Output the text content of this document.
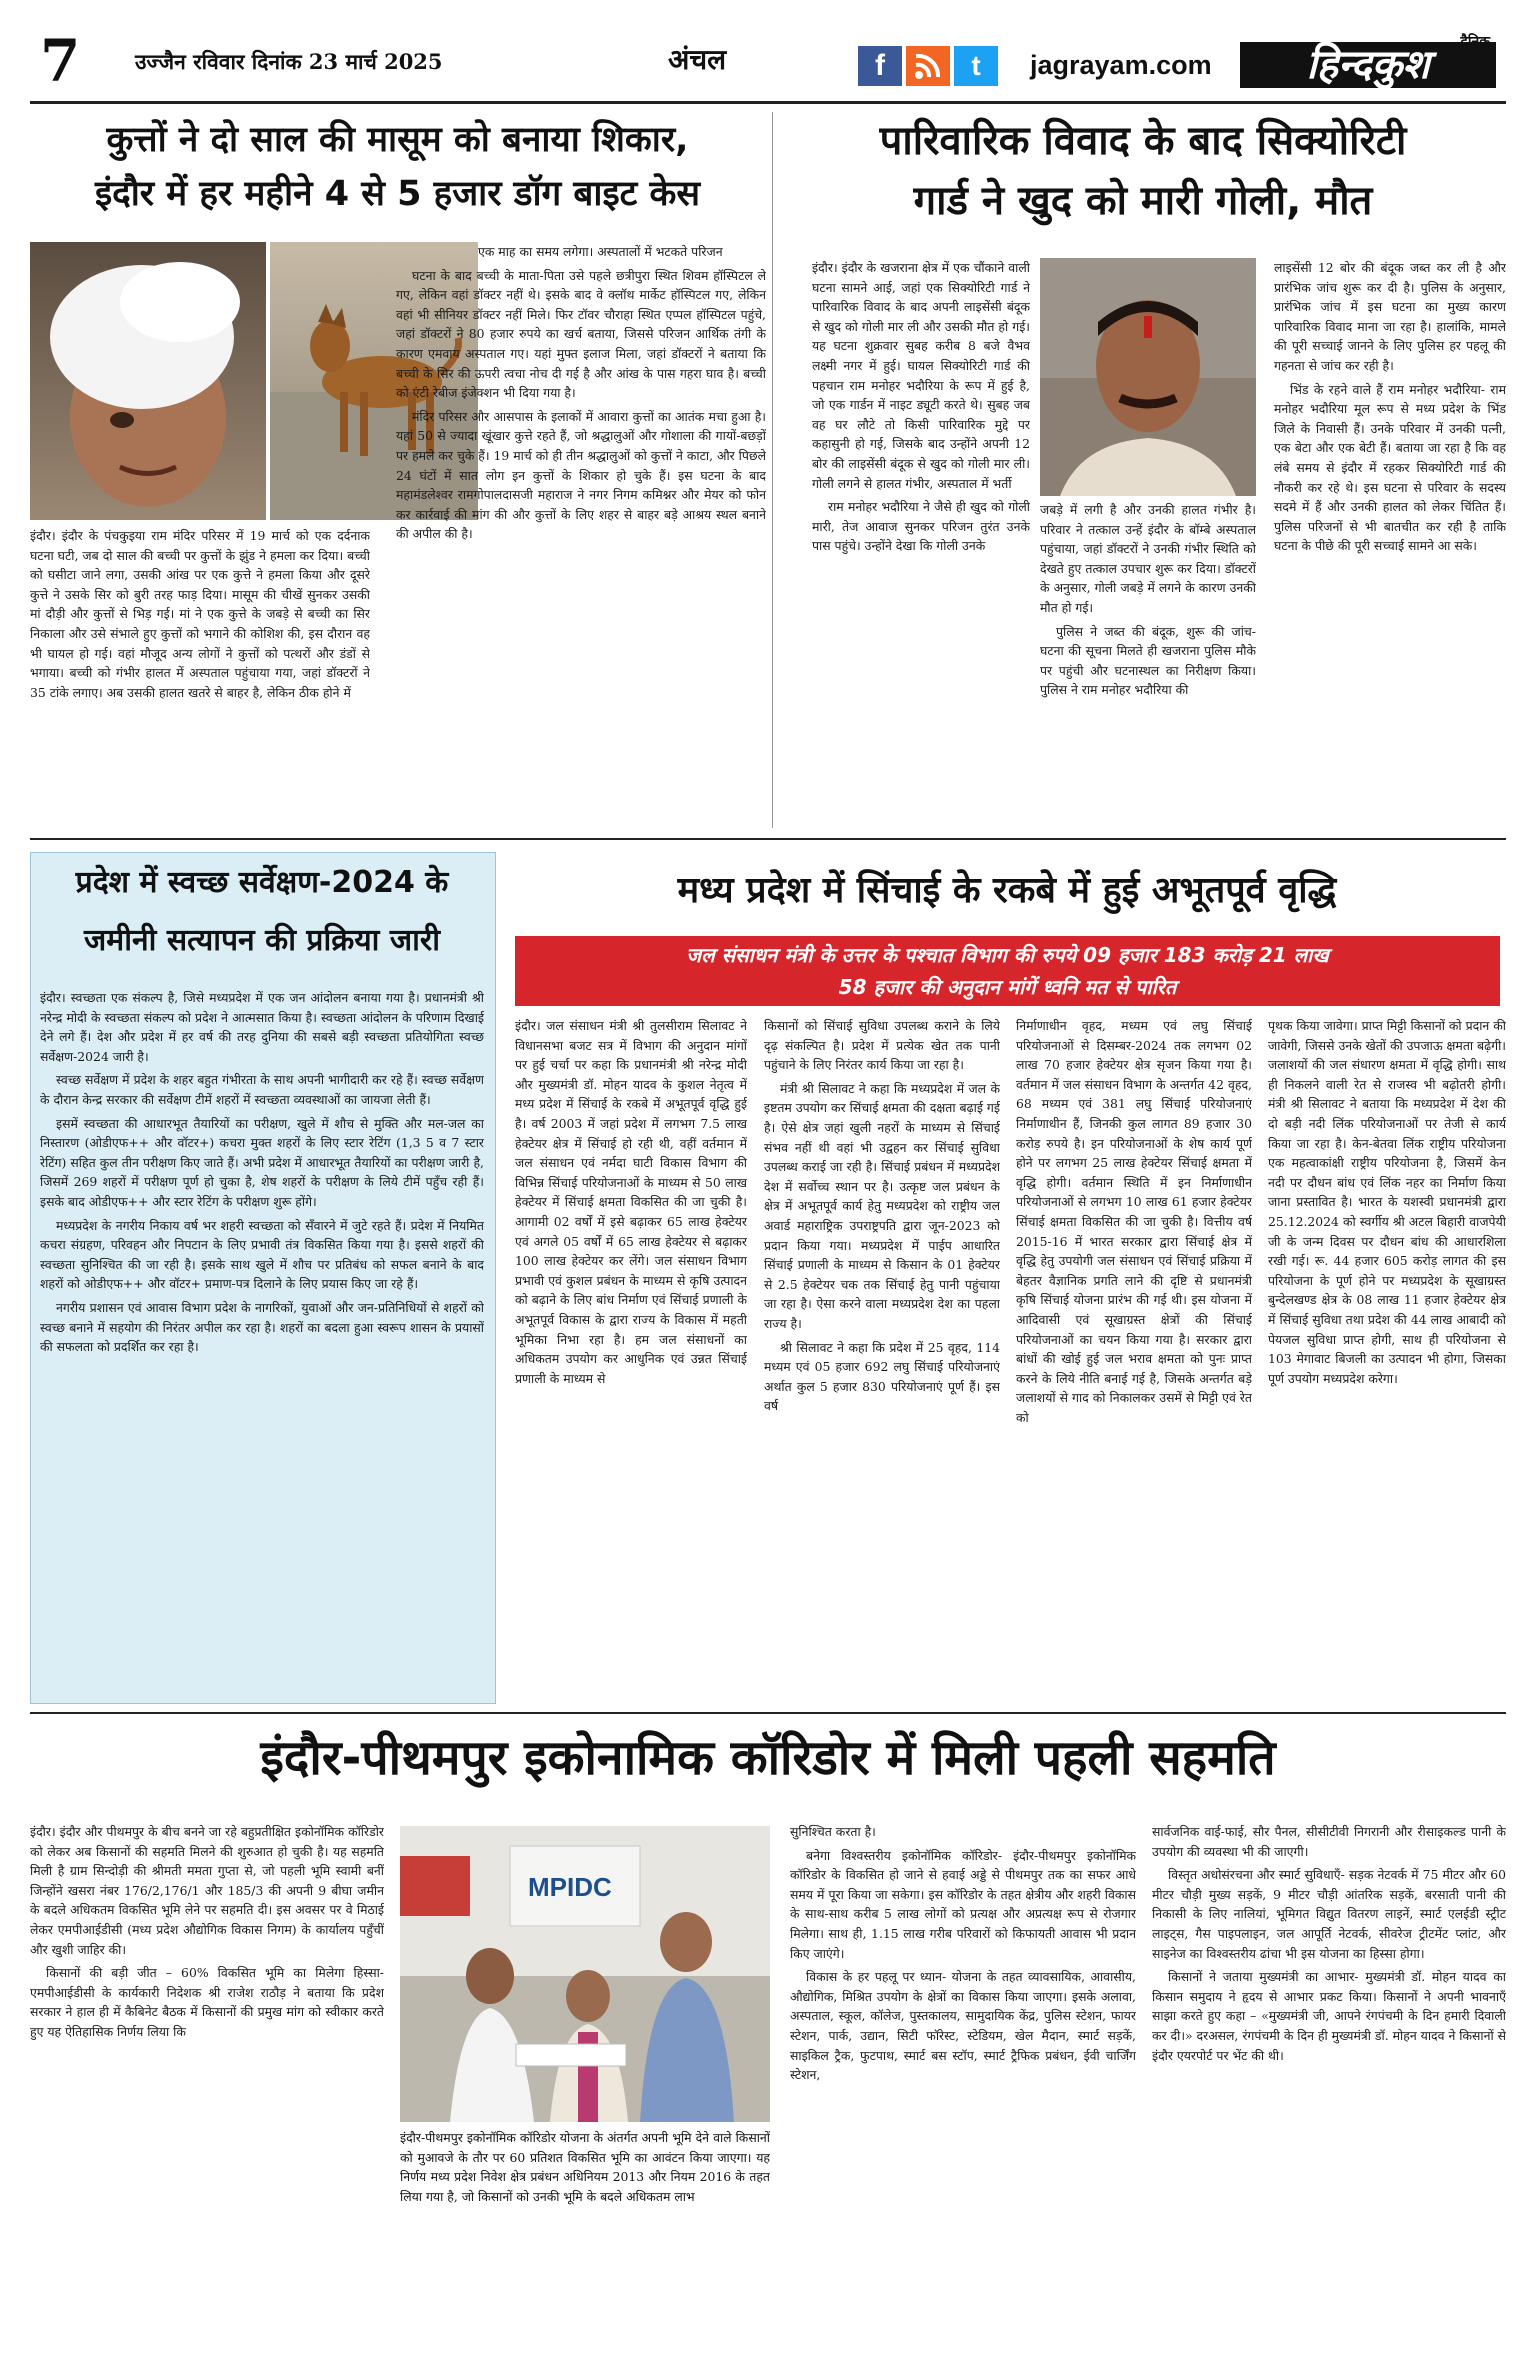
7	उज्जैन रविवार दिनांक 23 मार्च 2025	अंचल	f	t	jagrayam.com	हिन्दकुश
कुत्तों ने दो साल की मासूम को बनाया शिकार,
इंदौर में हर महीने 4 से 5 हजार डॉग बाइट केस

इंदौर। इंदौर के पंचकुइया राम मंदिर परिसर में 19 मार्च को एक दर्दनाक घटना घटी, जब दो साल की बच्ची पर कुत्तों के झुंड ने हमला कर दिया। बच्ची को घसीटा जाने लगा, उसकी आंख पर एक कुत्ते ने हमला किया और दूसरे कुत्ते ने उसके सिर को बुरी तरह फाड़ दिया। मासूम की चीखें सुनकर उसकी मां दौड़ी और कुत्तों से भिड़ गई। मां ने एक कुत्ते के जबड़े से बच्ची का सिर निकाला और उसे संभाले हुए कुत्तों को भगाने की कोशिश की, इस दौरान वह भी घायल हो गई। वहां मौजूद अन्य लोगों ने कुत्तों को पत्थरों और डंडों से भगाया। बच्ची को गंभीर हालत में अस्पताल पहुंचाया गया, जहां डॉक्टरों ने 35 टांके लगाए। अब उसकी हालत खतरे से बाहर है, लेकिन ठीक होने में

एक माह का समय लगेगा। अस्पतालों में भटकते परिजन

घटना के बाद बच्ची के माता-पिता उसे पहले छत्रीपुरा स्थित शिवम हॉस्पिटल ले गए, लेकिन वहां डॉक्टर नहीं थे। इसके बाद वे क्लॉथ मार्केट हॉस्पिटल गए, लेकिन वहां भी सीनियर डॉक्टर नहीं मिले। फिर टॉवर चौराहा स्थित एप्पल हॉस्पिटल पहुंचे, जहां डॉक्टरों ने 80 हजार रुपये का खर्च बताया, जिससे परिजन आर्थिक तंगी के कारण एमवाय अस्पताल गए। यहां मुफ्त इलाज मिला, जहां डॉक्टरों ने बताया कि बच्ची के सिर की ऊपरी त्वचा नोच दी गई है और आंख के पास गहरा घाव है। बच्ची को एंटी रेबीज इंजेक्शन भी दिया गया है।

मंदिर परिसर और आसपास के इलाकों में आवारा कुत्तों का आतंक मचा हुआ है। यहां 50 से ज्यादा खूंखार कुत्ते रहते हैं, जो श्रद्धालुओं और गोशाला की गायों-बछड़ों पर हमले कर चुके हैं। 19 मार्च को ही तीन श्रद्धालुओं को कुत्तों ने काटा, और पिछले 24 घंटों में सात लोग इन कुत्तों के शिकार हो चुके हैं। इस घटना के बाद महामंडलेश्वर रामगोपालदासजी महाराज ने नगर निगम कमिश्नर और मेयर को फोन कर कार्रवाई की मांग की और कुत्तों के लिए शहर से बाहर बड़े आश्रय स्थल बनाने की अपील की है।

पारिवारिक विवाद के बाद सिक्योरिटी
गार्ड ने खुद को मारी गोली, मौत

इंदौर। इंदौर के खजराना क्षेत्र में एक चौंकाने वाली घटना सामने आई, जहां एक सिक्योरिटी गार्ड ने पारिवारिक विवाद के बाद अपनी लाइसेंसी बंदूक से खुद को गोली मार ली और उसकी मौत हो गई। यह घटना शुक्रवार सुबह करीब 8 बजे वैभव लक्ष्मी नगर में हुई। घायल सिक्योरिटी गार्ड की पहचान राम मनोहर भदौरिया के रूप में हुई है, जो एक गार्डन में नाइट ड्यूटी करते थे। सुबह जब वह घर लौटे तो किसी पारिवारिक मुद्दे पर कहासुनी हो गई, जिसके बाद उन्होंने अपनी 12 बोर की लाइसेंसी बंदूक से खुद को गोली मार ली। गोली लगने से हालत गंभीर, अस्पताल में भर्ती

राम मनोहर भदौरिया ने जैसे ही खुद को गोली मारी, तेज आवाज सुनकर परिजन तुरंत उनके पास पहुंचे। उन्होंने देखा कि गोली उनके

जबड़े में लगी है और उनकी हालत गंभीर है। परिवार ने तत्काल उन्हें इंदौर के बॉम्बे अस्पताल पहुंचाया, जहां डॉक्टरों ने उनकी गंभीर स्थिति को देखते हुए तत्काल उपचार शुरू कर दिया। डॉक्टरों के अनुसार, गोली जबड़े में लगने के कारण उनकी मौत हो गई।

पुलिस ने जब्त की बंदूक, शुरू की जांच- घटना की सूचना मिलते ही खजराना पुलिस मौके पर पहुंची और घटनास्थल का निरीक्षण किया। पुलिस ने राम मनोहर भदौरिया की

लाइसेंसी 12 बोर की बंदूक जब्त कर ली है और प्रारंभिक जांच शुरू कर दी है। पुलिस के अनुसार, प्रारंभिक जांच में इस घटना का मुख्य कारण पारिवारिक विवाद माना जा रहा है। हालांकि, मामले की पूरी सच्चाई जानने के लिए पुलिस हर पहलू की गहनता से जांच कर रही है।

भिंड के रहने वाले हैं राम मनोहर भदौरिया- राम मनोहर भदौरिया मूल रूप से मध्य प्रदेश के भिंड जिले के निवासी हैं। उनके परिवार में उनकी पत्नी, एक बेटा और एक बेटी हैं। बताया जा रहा है कि वह लंबे समय से इंदौर में रहकर सिक्योरिटी गार्ड की नौकरी कर रहे थे। इस घटना से परिवार के सदस्य सदमे में हैं और उनकी हालत को लेकर चिंतित हैं। पुलिस परिजनों से भी बातचीत कर रही है ताकि घटना के पीछे की पूरी सच्चाई सामने आ सके।

प्रदेश में स्वच्छ सर्वेक्षण-2024 के
जमीनी सत्यापन की प्रक्रिया जारी

इंदौर। स्वच्छता एक संकल्प है, जिसे मध्यप्रदेश में एक जन आंदोलन बनाया गया है। प्रधानमंत्री श्री नरेन्द्र मोदी के स्वच्छता संकल्प को प्रदेश ने आत्मसात किया है। स्वच्छता आंदोलन के परिणाम दिखाई देने लगे हैं। देश और प्रदेश में हर वर्ष की तरह दुनिया की सबसे बड़ी स्वच्छता प्रतियोगिता स्वच्छ सर्वेक्षण-2024 जारी है।

स्वच्छ सर्वेक्षण में प्रदेश के शहर बहुत गंभीरता के साथ अपनी भागीदारी कर रहे हैं। स्वच्छ सर्वेक्षण के दौरान केन्द्र सरकार की सर्वेक्षण टीमें शहरों में स्वच्छता व्यवस्थाओं का जायजा लेती हैं।

इसमें स्वच्छता की आधारभूत तैयारियों का परीक्षण, खुले में शौच से मुक्ति और मल-जल का निस्तारण (ओडीएफ++ और वॉटर+) कचरा मुक्त शहरों के लिए स्टार रेटिंग (1,3 5 व 7 स्टार रेटिंग) सहित कुल तीन परीक्षण किए जाते हैं। अभी प्रदेश में आधारभूत तैयारियों का परीक्षण जारी है, जिसमें 269 शहरों में परीक्षण पूर्ण हो चुका है, शेष शहरों के परीक्षण के लिये टीमें पहुँच रही हैं। इसके बाद ओडीएफ++ और स्टार रेटिंग के परीक्षण शुरू होंगे।

मध्यप्रदेश के नगरीय निकाय वर्ष भर शहरी स्वच्छता को सँवारने में जुटे रहते हैं। प्रदेश में नियमित कचरा संग्रहण, परिवहन और निपटान के लिए प्रभावी तंत्र विकसित किया गया है। इससे शहरों की स्वच्छता सुनिश्चित की जा रही है। इसके साथ खुले में शौच पर प्रतिबंध को सफल बनाने के बाद शहरों को ओडीएफ++ और वॉटर+ प्रमाण-पत्र दिलाने के लिए प्रयास किए जा रहे हैं।

नगरीय प्रशासन एवं आवास विभाग प्रदेश के नागरिकों, युवाओं और जन-प्रतिनिधियों से शहरों को स्वच्छ बनाने में सहयोग की निरंतर अपील कर रहा है। शहरों का बदला हुआ स्वरूप शासन के प्रयासों की सफलता को प्रदर्शित कर रहा है।

मध्य प्रदेश में सिंचाई के रकबे में हुई अभूतपूर्व वृद्धि
जल संसाधन मंत्री के उत्तर के पश्चात विभाग की रुपये 09 हजार 183 करोड़ 21 लाख
58 हजार की अनुदान मांगें ध्वनि मत से पारित

इंदौर। जल संसाधन मंत्री श्री तुलसीराम सिलावट ने विधानसभा बजट सत्र में विभाग की अनुदान मांगों पर हुई चर्चा पर कहा कि प्रधानमंत्री श्री नरेन्द्र मोदी और मुख्यमंत्री डॉ. मोहन यादव के कुशल नेतृत्व में मध्य प्रदेश में सिंचाई के रकबे में अभूतपूर्व वृद्धि हुई है। वर्ष 2003 में जहां प्रदेश में लगभग 7.5 लाख हेक्टेयर क्षेत्र में सिंचाई हो रही थी, वहीं वर्तमान में जल संसाधन एवं नर्मदा घाटी विकास विभाग की विभिन्न सिंचाई परियोजनाओं के माध्यम से 50 लाख हेक्टेयर में सिंचाई क्षमता विकसित की जा चुकी है। आगामी 02 वर्षों में इसे बढ़ाकर 65 लाख हेक्टेयर एवं अगले 05 वर्षों में 65 लाख हेक्टेयर से बढ़ाकर 100 लाख हेक्टेयर कर लेंगे। जल संसाधन विभाग प्रभावी एवं कुशल प्रबंधन के माध्यम से कृषि उत्पादन को बढ़ाने के लिए बांध निर्माण एवं सिंचाई प्रणाली के अभूतपूर्व विकास के द्वारा राज्य के विकास में महती भूमिका निभा रहा है। हम जल संसाधनों का अधिकतम उपयोग कर आधुनिक एवं उन्नत सिंचाई प्रणाली के माध्यम से

किसानों को सिंचाई सुविधा उपलब्ध कराने के लिये दृढ़ संकल्पित है। प्रदेश में प्रत्येक खेत तक पानी पहुंचाने के लिए निरंतर कार्य किया जा रहा है।

मंत्री श्री सिलावट ने कहा कि मध्यप्रदेश में जल के इष्टतम उपयोग कर सिंचाई क्षमता की दक्षता बढ़ाई गई है। ऐसे क्षेत्र जहां खुली नहरों के माध्यम से सिंचाई संभव नहीं थी वहां भी उद्वहन कर सिंचाई सुविधा उपलब्ध कराई जा रही है। सिंचाई प्रबंधन में मध्यप्रदेश देश में सर्वोच्च स्थान पर है। उत्कृष्ट जल प्रबंधन के क्षेत्र में अभूतपूर्व कार्य हेतु मध्यप्रदेश को राष्ट्रीय जल अवार्ड महाराष्ट्रिक उपराष्ट्रपति द्वारा जून-2023 को प्रदान किया गया। मध्यप्रदेश में पाईप आधारित सिंचाई प्रणाली के माध्यम से किसान के 01 हेक्टेयर से 2.5 हेक्टेयर चक तक सिंचाई हेतु पानी पहुंचाया जा रहा है। ऐसा करने वाला मध्यप्रदेश देश का पहला राज्य है।

श्री सिलावट ने कहा कि प्रदेश में 25 वृहद, 114 मध्यम एवं 05 हजार 692 लघु सिंचाई परियोजनाएं अर्थात कुल 5 हजार 830 परियोजनाएं पूर्ण हैं। इस वर्ष

निर्माणाधीन वृहद, मध्यम एवं लघु सिंचाई परियोजनाओं से दिसम्बर-2024 तक लगभग 02 लाख 70 हजार हेक्टेयर क्षेत्र सृजन किया गया है। वर्तमान में जल संसाधन विभाग के अन्तर्गत 42 वृहद, 68 मध्यम एवं 381 लघु सिंचाई परियोजनाएं निर्माणाधीन हैं, जिनकी कुल लागत 89 हजार 30 करोड़ रुपये है। इन परियोजनाओं के शेष कार्य पूर्ण होने पर लगभग 25 लाख हेक्टेयर सिंचाई क्षमता में वृद्धि होगी। वर्तमान स्थिति में इन निर्माणाधीन परियोजनाओं से लगभग 10 लाख 61 हजार हेक्टेयर सिंचाई क्षमता विकसित की जा चुकी है। वित्तीय वर्ष 2015-16 में भारत सरकार द्वारा सिंचाई क्षेत्र में वृद्धि हेतु उपयोगी जल संसाधन एवं सिंचाई प्रक्रिया में बेहतर वैज्ञानिक प्रगति लाने की दृष्टि से प्रधानमंत्री कृषि सिंचाई योजना प्रारंभ की गई थी। इस योजना में आदिवासी एवं सूखाग्रस्त क्षेत्रों की सिंचाई परियोजनाओं का चयन किया गया है। सरकार द्वारा बांधों की खोई हुई जल भराव क्षमता को पुनः प्राप्त करने के लिये नीति बनाई गई है, जिसके अन्तर्गत बड़े जलाशयों से गाद को निकालकर उसमें से मिट्टी एवं रेत को

पृथक किया जावेगा। प्राप्त मिट्टी किसानों को प्रदान की जावेगी, जिससे उनके खेतों की उपजाऊ क्षमता बढ़ेगी। जलाशयों की जल संधारण क्षमता में वृद्धि होगी। साथ ही निकलने वाली रेत से राजस्व भी बढ़ोतरी होगी। मंत्री श्री सिलावट ने बताया कि मध्यप्रदेश में देश की दो बड़ी नदी लिंक परियोजनाओं पर तेजी से कार्य किया जा रहा है। केन-बेतवा लिंक राष्ट्रीय परियोजना एक महत्वाकांक्षी राष्ट्रीय परियोजना है, जिसमें केन नदी पर दौधन बांध एवं लिंक नहर का निर्माण किया जाना प्रस्तावित है। भारत के यशस्वी प्रधानमंत्री द्वारा 25.12.2024 को स्वर्गीय श्री अटल बिहारी वाजपेयी जी के जन्म दिवस पर दौधन बांध की आधारशिला रखी गई। रू. 44 हजार 605 करोड़ लागत की इस परियोजना के पूर्ण होने पर मध्यप्रदेश के सूखाग्रस्त बुन्देलखण्ड क्षेत्र के 08 लाख 11 हजार हेक्टेयर क्षेत्र में सिंचाई सुविधा तथा प्रदेश की 44 लाख आबादी को पेयजल सुविधा प्राप्त होगी, साथ ही परियोजना से 103 मेगावाट बिजली का उत्पादन भी होगा, जिसका पूर्ण उपयोग मध्यप्रदेश करेगा।

इंदौर-पीथमपुर इकोनामिक कॉरिडोर में मिली पहली सहमति

इंदौर। इंदौर और पीथमपुर के बीच बनने जा रहे बहुप्रतीक्षित इकोनॉमिक कॉरिडोर को लेकर अब किसानों की सहमति मिलने की शुरुआत हो चुकी है। यह सहमति मिली है ग्राम सिन्दोड़ी की श्रीमती ममता गुप्ता से, जो पहली भूमि स्वामी बनीं जिन्होंने खसरा नंबर 176/2,176/1 और 185/3 की अपनी 9 बीघा जमीन के बदले अधिकतम विकसित भूमि लेने पर सहमति दी। इस अवसर पर वे मिठाई लेकर एमपीआईडीसी (मध्य प्रदेश औद्योगिक विकास निगम) के कार्यालय पहुँचीं और खुशी जाहिर की।

किसानों की बड़ी जीत – 60% विकसित भूमि का मिलेगा हिस्सा- एमपीआईडीसी के कार्यकारी निदेशक श्री राजेश राठौड़ ने बताया कि प्रदेश सरकार ने हाल ही में कैबिनेट बैठक में किसानों की प्रमुख मांग को स्वीकार करते हुए यह ऐतिहासिक निर्णय लिया कि

MPIDC
इंदौर-पीथमपुर इकोनॉमिक कॉरिडोर योजना के अंतर्गत अपनी भूमि देने वाले किसानों को मुआवजे के तौर पर 60 प्रतिशत विकसित भूमि का आवंटन किया जाएगा। यह निर्णय मध्य प्रदेश निवेश क्षेत्र प्रबंधन अधिनियम 2013 और नियम 2016 के तहत लिया गया है, जो किसानों को उनकी भूमि के बदले अधिकतम लाभ

सुनिश्चित करता है।

बनेगा विश्वस्तरीय इकोनॉमिक कॉरिडोर- इंदौर-पीथमपुर इकोनॉमिक कॉरिडोर के विकसित हो जाने से हवाई अड्डे से पीथमपुर तक का सफर आधे समय में पूरा किया जा सकेगा। इस कॉरिडोर के तहत क्षेत्रीय और शहरी विकास के साथ-साथ करीब 5 लाख लोगों को प्रत्यक्ष और अप्रत्यक्ष रूप से रोजगार मिलेगा। साथ ही, 1.15 लाख गरीब परिवारों को किफायती आवास भी प्रदान किए जाएंगे।

विकास के हर पहलू पर ध्यान- योजना के तहत व्यावसायिक, आवासीय, औद्योगिक, मिश्रित उपयोग के क्षेत्रों का विकास किया जाएगा। इसके अलावा, अस्पताल, स्कूल, कॉलेज, पुस्तकालय, सामुदायिक केंद्र, पुलिस स्टेशन, फायर स्टेशन, पार्क, उद्यान, सिटी फॉरेस्ट, स्टेडियम, खेल मैदान, स्मार्ट सड़कें, साइकिल ट्रैक, फुटपाथ, स्मार्ट बस स्टॉप, स्मार्ट ट्रैफिक प्रबंधन, ईवी चार्जिंग स्टेशन,

सार्वजनिक वाई-फाई, सौर पैनल, सीसीटीवी निगरानी और रीसाइकल्ड पानी के उपयोग की व्यवस्था भी की जाएगी।

विस्तृत अधोसंरचना और स्मार्ट सुविधाएँ- सड़क नेटवर्क में 75 मीटर और 60 मीटर चौड़ी मुख्य सड़कें, 9 मीटर चौड़ी आंतरिक सड़कें, बरसाती पानी की निकासी के लिए नालियां, भूमिगत विद्युत वितरण लाइनें, स्मार्ट एलईडी स्ट्रीट लाइट्स, गैस पाइपलाइन, जल आपूर्ति नेटवर्क, सीवरेज ट्रीटमेंट प्लांट, और साइनेज का विश्वस्तरीय ढांचा भी इस योजना का हिस्सा होगा।

किसानों ने जताया मुख्यमंत्री का आभार- मुख्यमंत्री डॉ. मोहन यादव का किसान समुदाय ने हृदय से आभार प्रकट किया। किसानों ने अपनी भावनाएँ साझा करते हुए कहा – «मुख्यमंत्री जी, आपने रंगपंचमी के दिन हमारी दिवाली कर दी।» दरअसल, रंगपंचमी के दिन ही मुख्यमंत्री डॉ. मोहन यादव ने किसानों से इंदौर एयरपोर्ट पर भेंट की थी।
